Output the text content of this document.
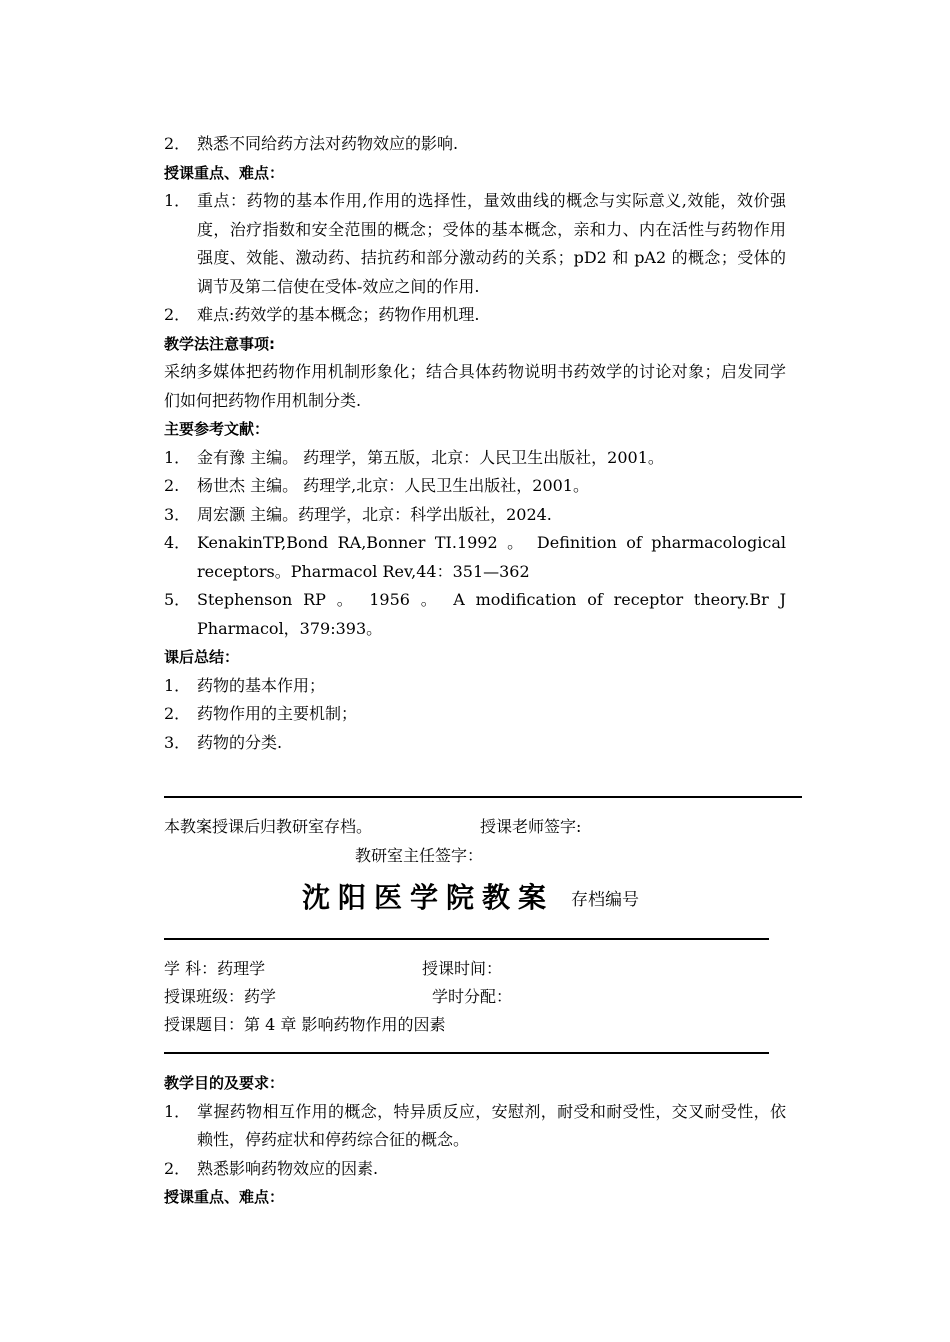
2． 熟悉不同给药方法对药物效应的影响.
授课重点、难点：
1． 重点：药物的基本作用,作用的选择性，量效曲线的概念与实际意义,效能，效价强度，治疗指数和安全范围的概念；受体的基本概念，亲和力、内在活性与药物作用强度、效能、激动药、拮抗药和部分激动药的关系；pD2 和 pA2 的概念；受体的调节及第二信使在受体-效应之间的作用.
2． 难点:药效学的基本概念；药物作用机理.
教学法注意事项:
采纳多媒体把药物作用机制形象化；结合具体药物说明书药效学的讨论对象；启发同学们如何把药物作用机制分类.
主要参考文献：
1． 金有豫 主编。 药理学，第五版，北京：人民卫生出版社，2001。
2.	杨世杰 主编。 药理学,北京：人民卫生出版社，2001。
3． 周宏灏 主编。药理学，北京：科学出版社，2024.
4． KenakinTP,Bond RA,Bonner TI.1992 。 Definition of pharmacological receptors。Pharmacol Rev,44：351—362
5． Stephenson RP 。 1956 。 A modification of receptor theory.Br J Pharmacol，379:393。
课后总结：
1． 药物的基本作用；
2． 药物作用的主要机制；
3． 药物的分类.
本教案授课后归教研室存档。	授课老师签字:
教研室主任签字：
沈阳医学院教案 存档编号
学 科：药理学	授课时间：
授课班级：药学	学时分配：
授课题目：第 4 章 影响药物作用的因素
教学目的及要求：
1． 掌握药物相互作用的概念，特异质反应，安慰剂，耐受和耐受性，交叉耐受性，依赖性，停药症状和停药综合征的概念。
2． 熟悉影响药物效应的因素.
授课重点、难点：
